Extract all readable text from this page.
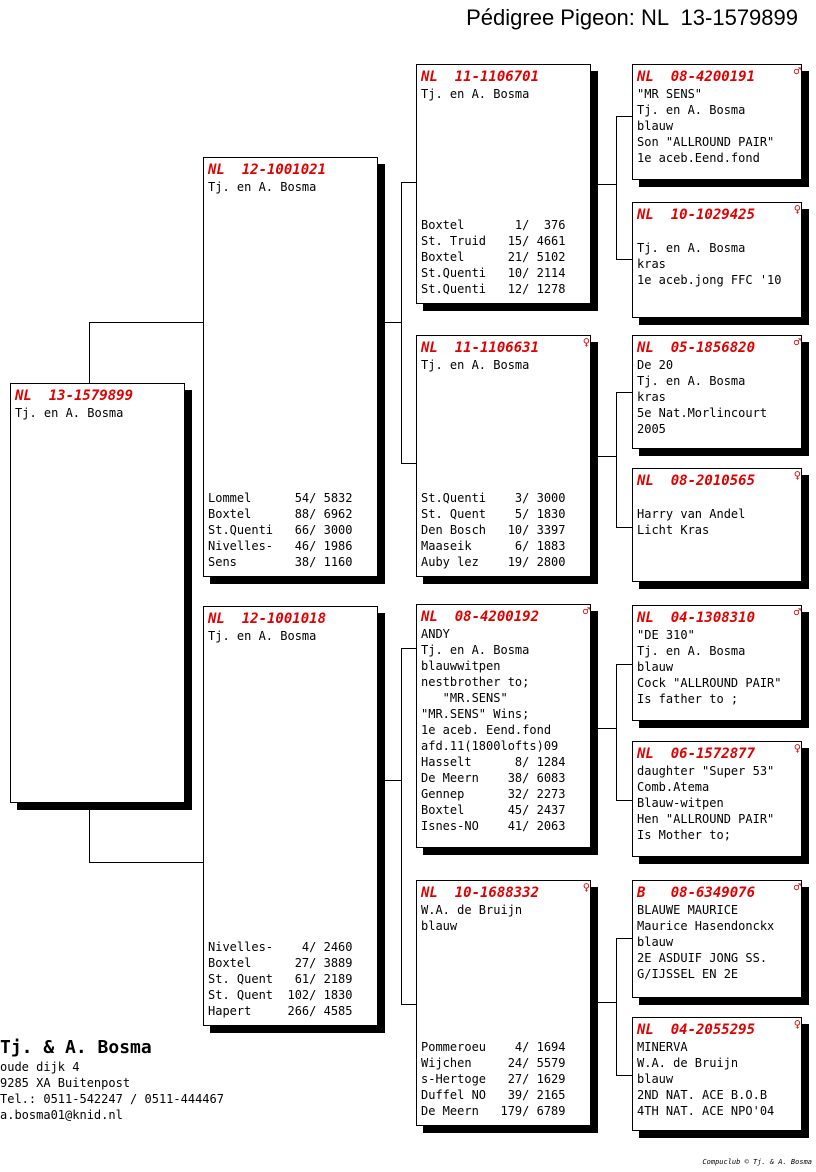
Pédigree Pigeon: NL  13-1579899
NL  13-1579899
Tj. en A. Bosma
NL  12-1001021
Tj. en A. Bosma
Lommel      54/ 5832
Boxtel      88/ 6962
St.Quenti   66/ 3000
Nivelles-   46/ 1986
Sens        38/ 1160
NL  12-1001018
Tj. en A. Bosma
Nivelles-    4/ 2460
Boxtel      27/ 3889
St. Quent   61/ 2189
St. Quent  102/ 1830
Hapert     266/ 4585
NL  11-1106701
Tj. en A. Bosma
Boxtel       1/  376
St. Truid   15/ 4661
Boxtel      21/ 5102
St.Quenti   10/ 2114
St.Quenti   12/ 1278
NL  11-1106631	♀
Tj. en A. Bosma
St.Quenti    3/ 3000
St. Quent    5/ 1830
Den Bosch   10/ 3397
Maaseik      6/ 1883
Auby lez    19/ 2800
NL  08-4200192	♂
ANDY
Tj. en A. Bosma
blauwwitpen
nestbrother to;
"MR.SENS"
"MR.SENS" Wins;
1e aceb. Eend.fond
afd.11(1800lofts)09
Hasselt      8/ 1284
De Meern    38/ 6083
Gennep      32/ 2273
Boxtel      45/ 2437
Isnes-NO    41/ 2063
NL  10-1688332	♀
W.A. de Bruijn
blauw
Pommeroeu    4/ 1694
Wijchen     24/ 5579
s-Hertoge   27/ 1629
Duffel NO   39/ 2165
De Meern   179/ 6789
NL  08-4200191	♂
"MR SENS"
Tj. en A. Bosma
blauw
Son "ALLROUND PAIR"
1e aceb.Eend.fond
NL  10-1029425	♀
Tj. en A. Bosma
kras
1e aceb.jong FFC '10
NL  05-1856820	♂
De 20
Tj. en A. Bosma
kras
5e Nat.Morlincourt
2005
NL  08-2010565	♀
Harry van Andel
Licht Kras
NL  04-1308310	♂
"DE 310"
Tj. en A. Bosma
blauw
Cock "ALLROUND PAIR"
Is father to ;
NL  06-1572877	♀
daughter "Super 53"
Comb.Atema
Blauw-witpen
Hen "ALLROUND PAIR"
Is Mother to;
B   08-6349076	♂
BLAUWE MAURICE
Maurice Hasendonckx
blauw
2E ASDUIF JONG SS.
G/IJSSEL EN 2E
NL  04-2055295	♀
MINERVA
W.A. de Bruijn
blauw
2ND NAT. ACE B.O.B
4TH NAT. ACE NPO'04
Tj. & A. Bosma
oude dijk 4
9285 XA Buitenpost
Tel.: 0511-542247 / 0511-444467
a.bosma01@knid.nl
Compuclub © Tj. & A. Bosma
